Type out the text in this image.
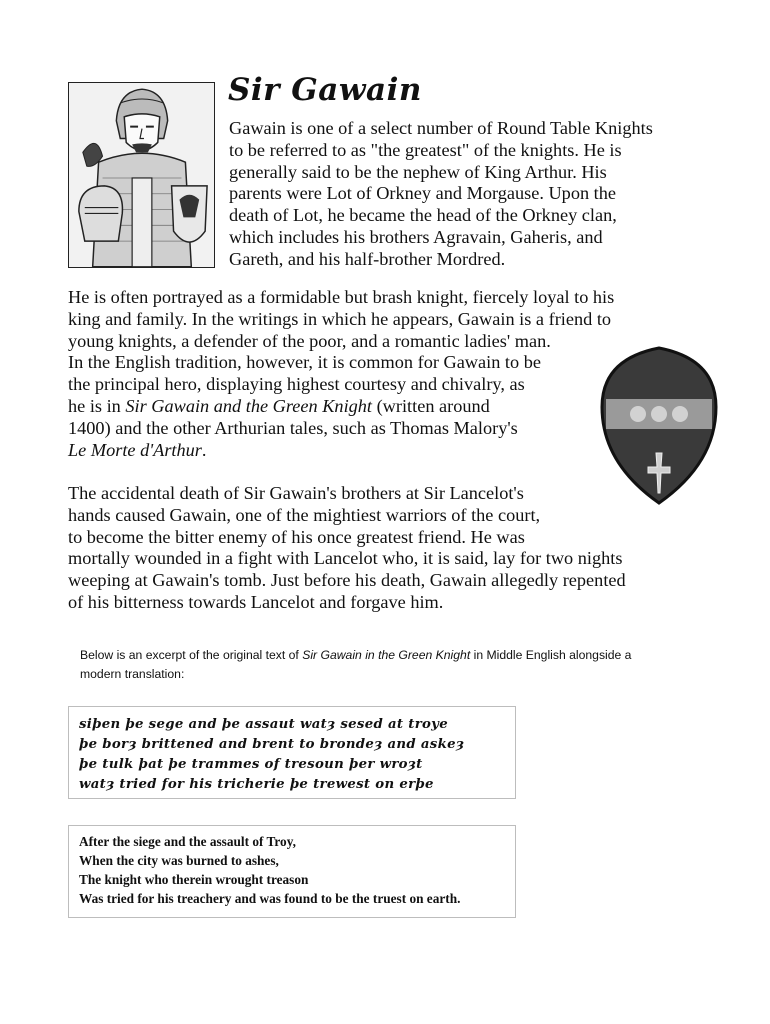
Sir Gawain
Gawain is one of a select number of Round Table Knights
to be referred to as "the greatest" of the knights. He is
generally said to be the nephew of King Arthur. His
parents were Lot of Orkney and Morgause. Upon the
death of Lot, he became the head of the Orkney clan,
which includes his brothers Agravain, Gaheris, and
Gareth, and his half-brother Mordred.
He is often portrayed as a formidable but brash knight, fiercely loyal to his
king and family. In the writings in which he appears, Gawain is a friend to
young knights, a defender of the poor, and a romantic ladies' man.
In the English tradition, however, it is common for Gawain to be
the principal hero, displaying highest courtesy and chivalry, as
he is in Sir Gawain and the Green Knight (written around
1400) and the other Arthurian tales, such as Thomas Malory's
Le Morte d'Arthur.
The accidental death of Sir Gawain's brothers at Sir Lancelot's
hands caused Gawain, one of the mightiest warriors of the court,
to become the bitter enemy of his once greatest friend. He was
mortally wounded in a fight with Lancelot who, it is said, lay for two nights
weeping at Gawain's tomb. Just before his death, Gawain allegedly repented
of his bitterness towards Lancelot and forgave him.
Below is an excerpt of the original text of Sir Gawain in the Green Knight in Middle English alongside a
modern translation:
siþen þe sege and þe assaut watȝ sesed at troye
þe borȝ brittened and brent to brondeȝ and askeȝ
þe tulk þat þe trammes of tresoun þer wroȝt
watȝ tried for his tricherie þe trewest on erþe
After the siege and the assault of Troy,
When the city was burned to ashes,
The knight who therein wrought treason
Was tried for his treachery and was found to be the truest on earth.
